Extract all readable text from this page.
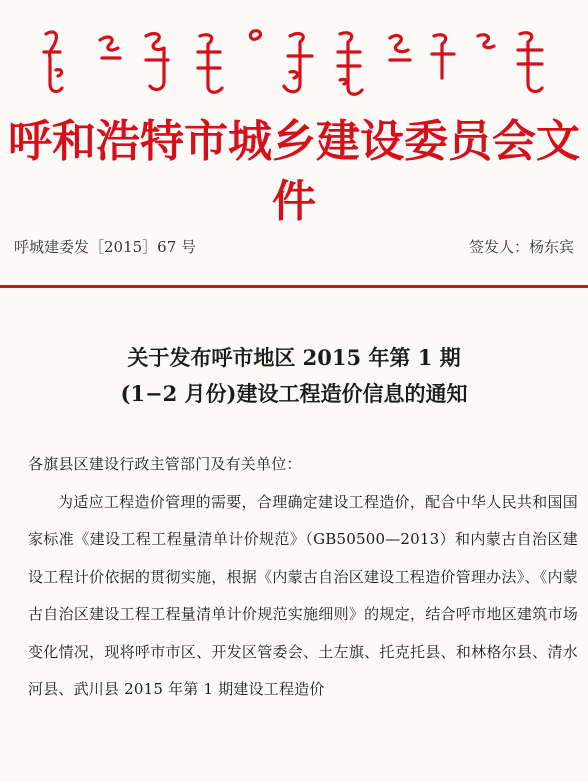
呼和浩特市城乡建设委员会文件
呼城建委发［2015］67 号	签发人：杨东宾
关于发布呼市地区 2015 年第 1 期
(1−2 月份)建设工程造价信息的通知

各旗县区建设行政主管部门及有关单位：

为适应工程造价管理的需要，合理确定建设工程造价，配合中华人民共和国国家标准《建设工程工程量清单计价规范》（GB50500—2013）和内蒙古自治区建设工程计价依据的贯彻实施，根据《内蒙古自治区建设工程造价管理办法》、《内蒙古自治区建设工程工程量清单计价规范实施细则》的规定，结合呼市地区建筑市场变化情况，现将呼市市区、开发区管委会、土左旗、托克托县、和林格尔县、清水河县、武川县 2015 年第 1 期建设工程造价
